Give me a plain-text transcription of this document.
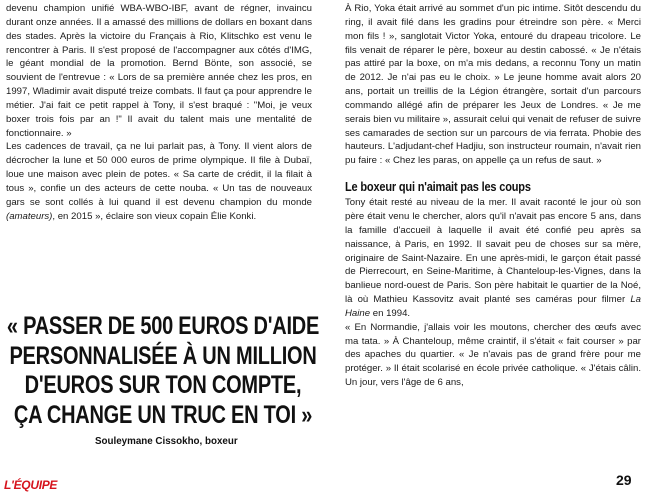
devenu champion unifié WBA-WBO-IBF, avant de régner, invaincu durant onze années. Il a amassé des millions de dollars en boxant dans des stades. Après la victoire du Français à Rio, Klitschko est venu le rencontrer à Paris. Il s'est proposé de l'accompagner aux côtés d'IMG, le géant mondial de la promotion. Bernd Bönte, son associé, se souvient de l'entrevue : « Lors de sa première année chez les pros, en 1997, Wladimir avait disputé treize combats. Il faut ça pour apprendre le métier. J'ai fait ce petit rappel à Tony, il s'est braqué : "Moi, je veux boxer trois fois par an !" Il avait du talent mais une mentalité de fonctionnaire. »

Les cadences de travail, ça ne lui parlait pas, à Tony. Il vient alors de décrocher la lune et 50 000 euros de prime olympique. Il file à Dubaï, loue une maison avec plein de potes. « Sa carte de crédit, il la filait à tous », confie un des acteurs de cette nouba. « Un tas de nouveaux gars se sont collés à lui quand il est devenu champion du monde (amateurs), en 2015 », éclaire son vieux copain Élie Konki.

« PASSER DE 500 EUROS D'AIDE
PERSONNALISÉE À UN MILLION
D'EUROS SUR TON COMPTE,
ÇA CHANGE UN TRUC EN TOI »
Souleymane Cissokho, boxeur

À Rio, Yoka était arrivé au sommet d'un pic intime. Sitôt descendu du ring, il avait filé dans les gradins pour étreindre son père. « Merci mon fils ! », sanglotait Victor Yoka, entouré du drapeau tricolore. Le fils venait de réparer le père, boxeur au destin cabossé. « Je n'étais pas attiré par la boxe, on m'a mis dedans, a reconnu Tony un matin de 2012. Je n'ai pas eu le choix. » Le jeune homme avait alors 20 ans, portait un treillis de la Légion étrangère, sortait d'un parcours commando allégé afin de préparer les Jeux de Londres. « Je me serais bien vu militaire », assurait celui qui venait de refuser de suivre ses camarades de section sur un parcours de via ferrata. Phobie des hauteurs. L'adjudant-chef Hadjiu, son instructeur roumain, n'avait rien pu faire : « Chez les paras, on appelle ça un refus de saut. »

Le boxeur qui n'aimait pas les coups

Tony était resté au niveau de la mer. Il avait raconté le jour où son père était venu le chercher, alors qu'il n'avait pas encore 5 ans, dans la famille d'accueil à laquelle il avait été confié peu après sa naissance, à Paris, en 1992. Il savait peu de choses sur sa mère, originaire de Saint-Nazaire. En une après-midi, le garçon était passé de Pierrecourt, en Seine-Maritime, à Chanteloup-les-Vignes, dans la banlieue nord-ouest de Paris. Son père habitait le quartier de la Noé, là où Mathieu Kassovitz avait planté ses caméras pour filmer La Haine en 1994.

« En Normandie, j'allais voir les moutons, chercher des œufs avec ma tata. » À Chanteloup, même craintif, il s'était « fait courser » par des apaches du quartier. « Je n'avais pas de grand frère pour me protéger. » Il était scolarisé en école privée catholique. « J'étais câlin. Un jour, vers l'âge de 6 ans,

L'ÉQUIPE	29
